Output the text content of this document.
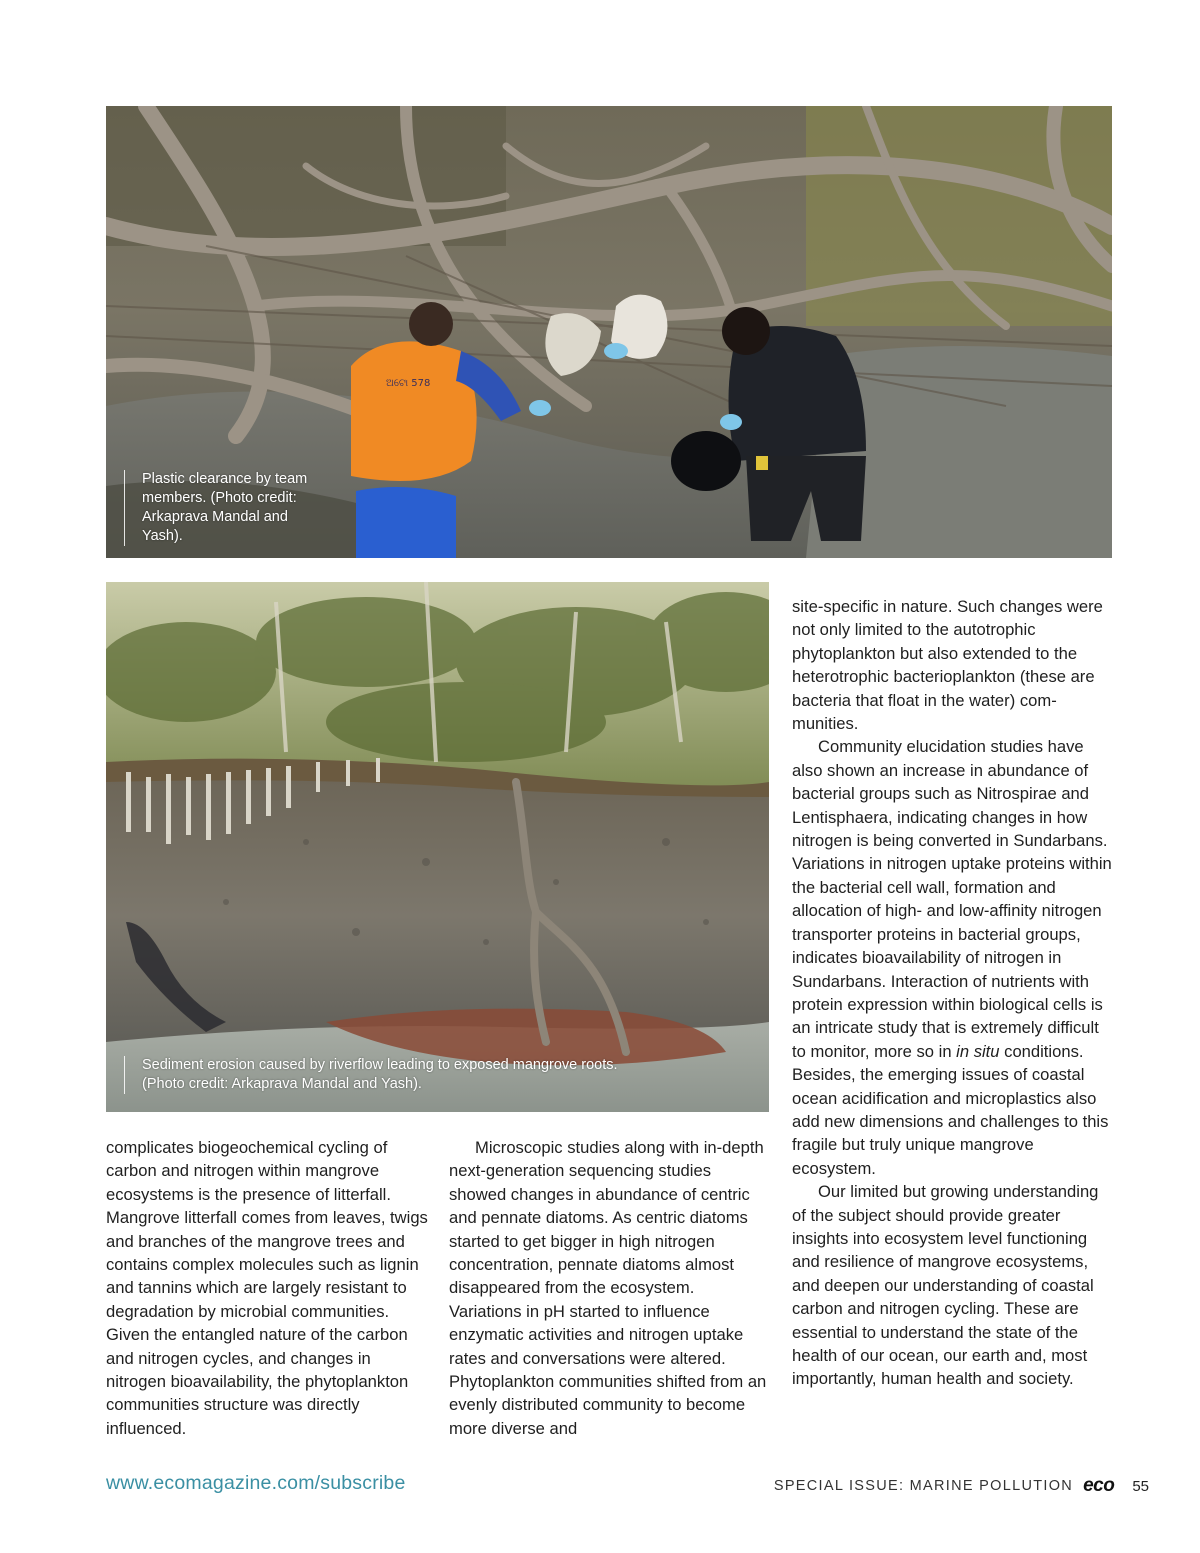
ଅଟୋ 578
Plastic clearance by team members. (Photo credit: Arkaprava Mandal and Yash).
Sediment erosion caused by riverflow leading to exposed mangrove roots. (Photo credit: Arkaprava Mandal and Yash).

site-specific in nature. Such changes were not only limited to the autotrophic phytoplankton but also extended to the heterotrophic bacterioplankton (these are bacteria that float in the water) communities.

Community elucidation studies have also shown an increase in abundance of bacterial groups such as Nitrospirae and Lentisphaera, indicating changes in how nitrogen is being converted in Sundarbans. Variations in nitrogen uptake proteins within the bacterial cell wall, formation and allocation of high- and low-affinity nitrogen transporter proteins in bacterial groups, indicates bioavailability of nitrogen in Sundarbans. Interaction of nutrients with protein expression within biological cells is an intricate study that is extremely difficult to monitor, more so in in situ conditions. Besides, the emerging issues of coastal ocean acidification and microplastics also add new dimensions and challenges to this fragile but truly unique mangrove ecosystem.

Our limited but growing understanding of the subject should provide greater insights into ecosystem level functioning and resilience of mangrove ecosystems, and deepen our understanding of coastal carbon and nitrogen cycling. These are essential to understand the state of the health of our ocean, our earth and, most importantly, human health and society.

complicates biogeochemical cycling of carbon and nitrogen within mangrove ecosystems is the presence of litterfall. Mangrove litterfall comes from leaves, twigs and branches of the mangrove trees and contains complex molecules such as lignin and tannins which are largely resistant to degradation by microbial communities. Given the entangled nature of the carbon and nitrogen cycles, and changes in nitrogen bioavailability, the phytoplankton communities structure was directly influenced.

Microscopic studies along with in-depth next-generation sequencing studies showed changes in abundance of centric and pennate diatoms. As centric diatoms started to get bigger in high nitrogen concentration, pennate diatoms almost disappeared from the ecosystem. Variations in pH started to influence enzymatic activities and nitrogen uptake rates and conversations were altered. Phytoplankton communities shifted from an evenly distributed community to become more diverse and

www.ecomagazine.com/subscribe	SPECIAL ISSUE: MARINE POLLUTION eco 55
